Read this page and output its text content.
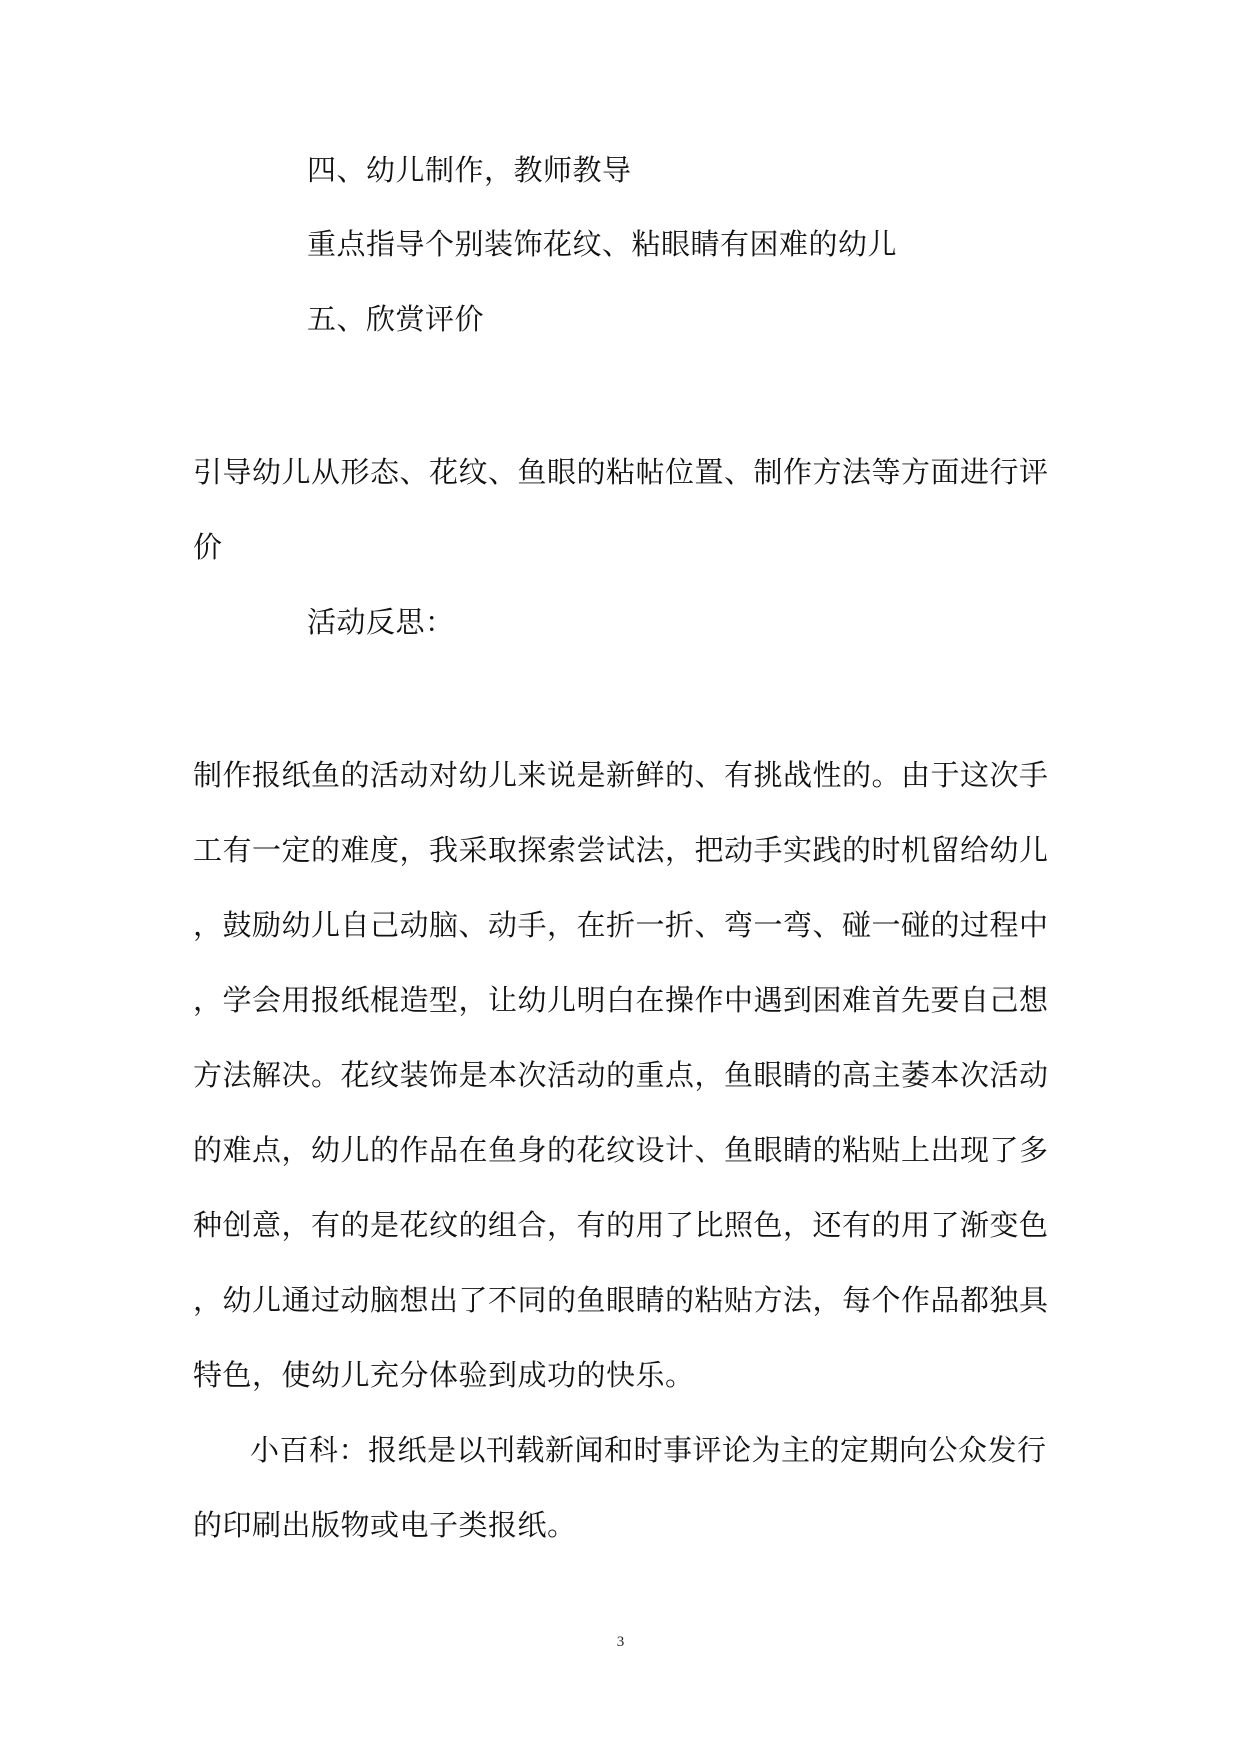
四、幼儿制作，教师教导
重点指导个别装饰花纹、粘眼睛有困难的幼儿
五、欣赏评价
引导幼儿从形态、花纹、鱼眼的粘帖位置、制作方法等方面进行评
价
活动反思：
制作报纸鱼的活动对幼儿来说是新鲜的、有挑战性的。由于这次手
工有一定的难度，我采取探索尝试法，把动手实践的时机留给幼儿
，鼓励幼儿自己动脑、动手，在折一折、弯一弯、碰一碰的过程中
，学会用报纸棍造型，让幼儿明白在操作中遇到困难首先要自己想
方法解决。花纹装饰是本次活动的重点，鱼眼睛的高主萎本次活动
的难点，幼儿的作品在鱼身的花纹设计、鱼眼睛的粘贴上出现了多
种创意，有的是花纹的组合，有的用了比照色，还有的用了渐变色
，幼儿通过动脑想出了不同的鱼眼睛的粘贴方法，每个作品都独具
特色，使幼儿充分体验到成功的快乐。
小百科：报纸是以刊载新闻和时事评论为主的定期向公众发行
的印刷出版物或电子类报纸。
3
